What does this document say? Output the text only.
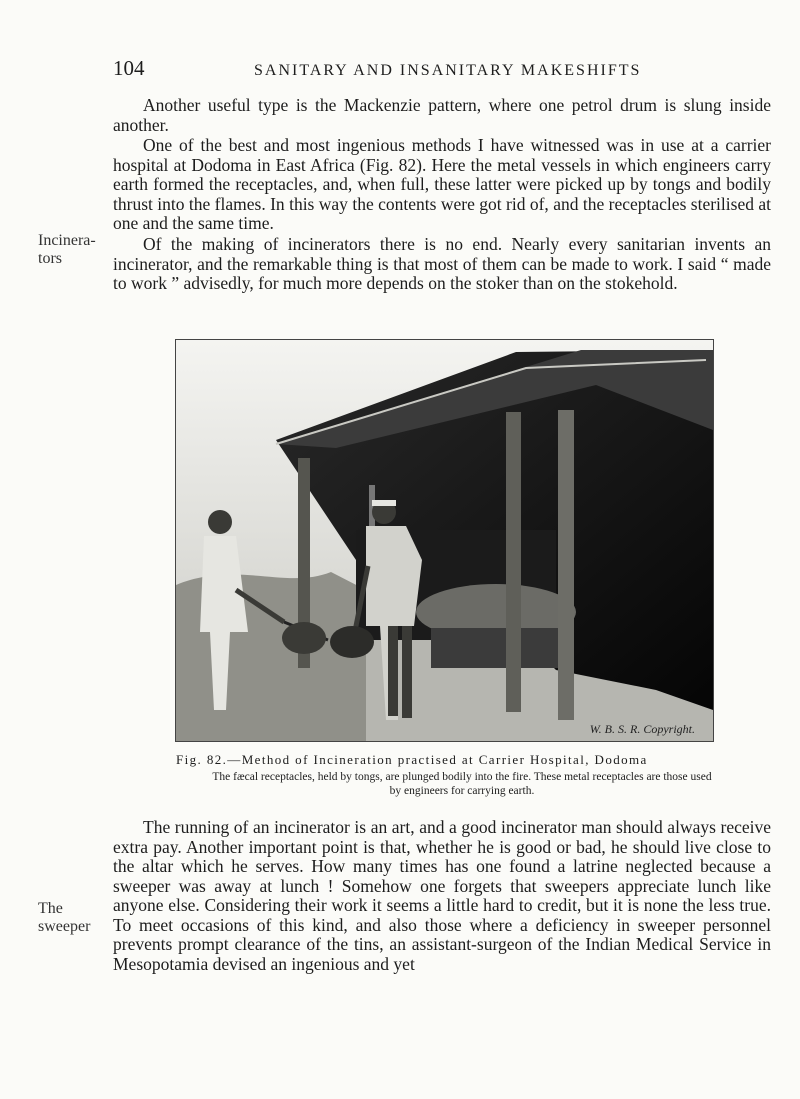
104	SANITARY AND INSANITARY MAKESHIFTS
Incinera-
tors

Another useful type is the Mackenzie pattern, where one petrol drum is slung inside another.

One of the best and most ingenious methods I have witnessed was in use at a carrier hospital at Dodoma in East Africa (Fig. 82). Here the metal vessels in which engineers carry earth formed the receptacles, and, when full, these latter were picked up by tongs and bodily thrust into the flames. In this way the contents were got rid of, and the receptacles sterilised at one and the same time.

Of the making of incinerators there is no end. Nearly every sanitarian invents an incinerator, and the remarkable thing is that most of them can be made to work. I said “ made to work ” advisedly, for much more depends on the stoker than on the stokehold.

W. B. S. R. Copyright.
Fig. 82.—Method of Incineration practised at Carrier Hospital, Dodoma
The fæcal receptacles, held by tongs, are plunged bodily into the fire. These metal receptacles are those used by engineers for carrying earth.
The
sweeper

The running of an incinerator is an art, and a good incinerator man should always receive extra pay. Another important point is that, whether he is good or bad, he should live close to the altar which he serves. How many times has one found a latrine neglected because a sweeper was away at lunch ! Somehow one forgets that sweepers appreciate lunch like anyone else. Considering their work it seems a little hard to credit, but it is none the less true. To meet occasions of this kind, and also those where a deficiency in sweeper personnel prevents prompt clearance of the tins, an assistant-surgeon of the Indian Medical Service in Mesopotamia devised an ingenious and yet
